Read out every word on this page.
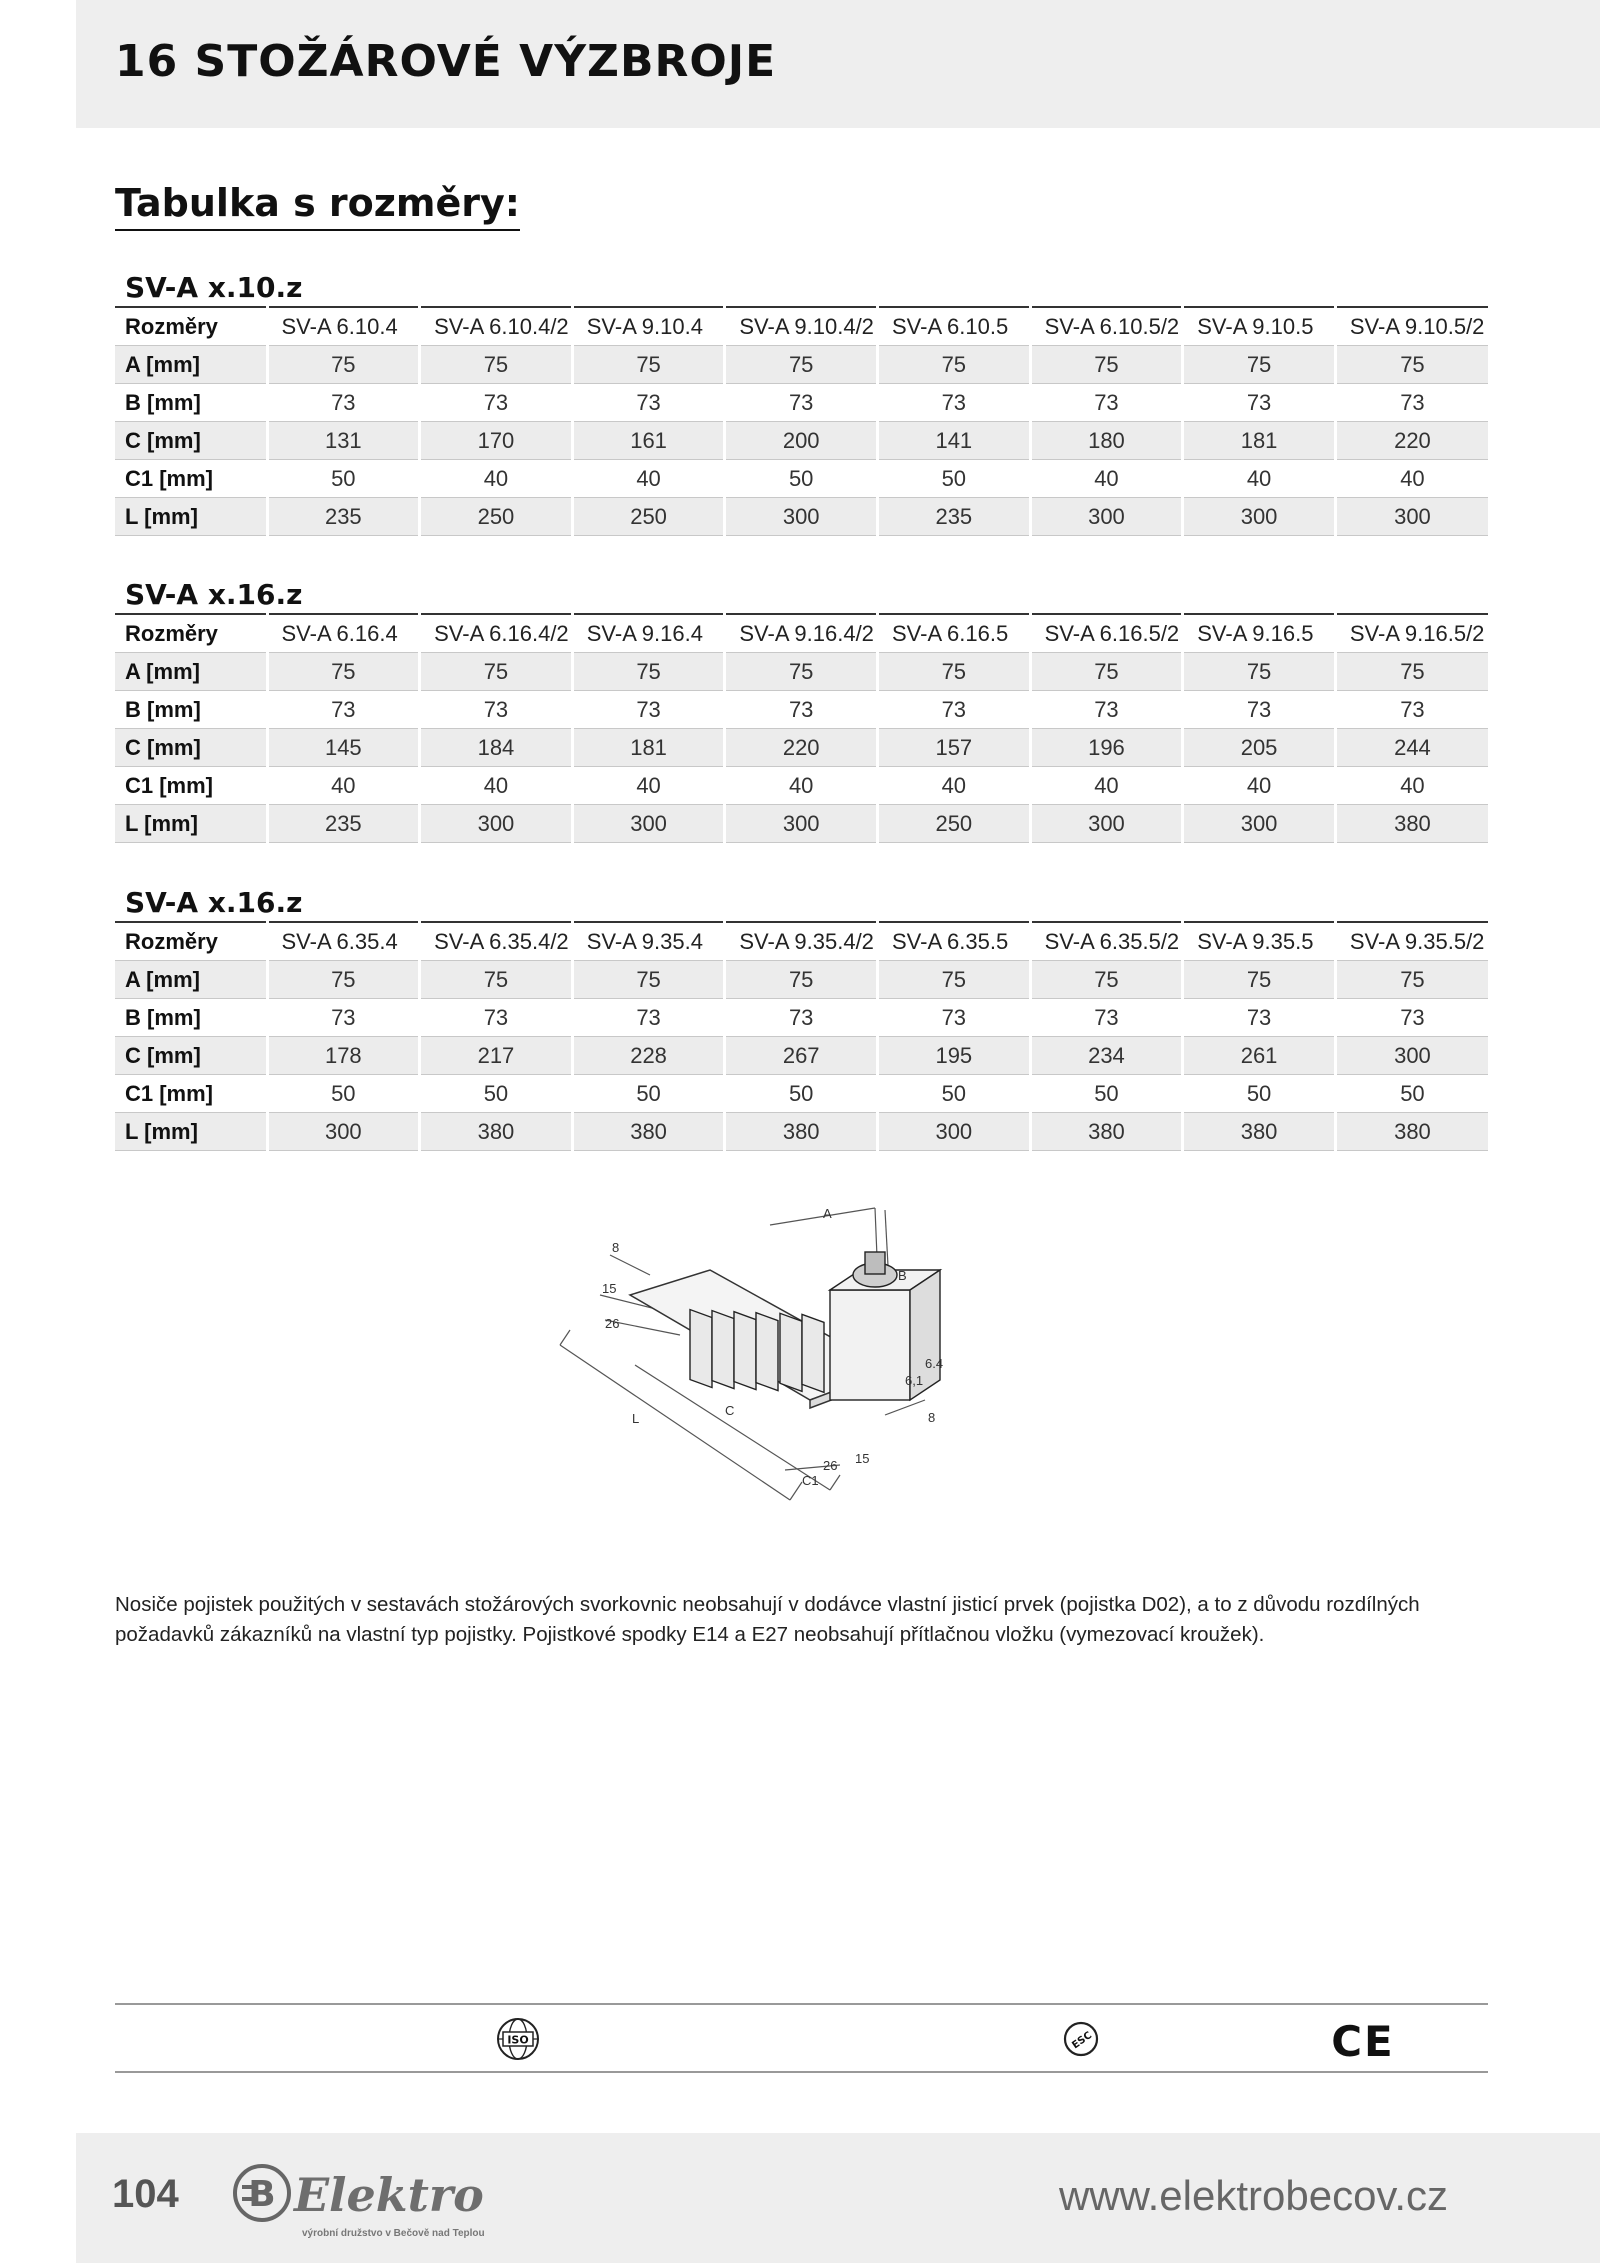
16 STOŽÁROVÉ VÝZBROJE
Tabulka s rozměry:
SV-A x.10.z
Rozměry	SV-A 6.10.4	SV-A 6.10.4/2	SV-A 9.10.4	SV-A 9.10.4/2	SV-A 6.10.5	SV-A 6.10.5/2	SV-A 9.10.5	SV-A 9.10.5/2
A [mm]	75	75	75	75	75	75	75	75
B [mm]	73	73	73	73	73	73	73	73
C [mm]	131	170	161	200	141	180	181	220
C1 [mm]	50	40	40	50	50	40	40	40
L [mm]	235	250	250	300	235	300	300	300
SV-A x.16.z
Rozměry	SV-A 6.16.4	SV-A 6.16.4/2	SV-A 9.16.4	SV-A 9.16.4/2	SV-A 6.16.5	SV-A 6.16.5/2	SV-A 9.16.5	SV-A 9.16.5/2
A [mm]	75	75	75	75	75	75	75	75
B [mm]	73	73	73	73	73	73	73	73
C [mm]	145	184	181	220	157	196	205	244
C1 [mm]	40	40	40	40	40	40	40	40
L [mm]	235	300	300	300	250	300	300	380
SV-A x.16.z
Rozměry	SV-A 6.35.4	SV-A 6.35.4/2	SV-A 9.35.4	SV-A 9.35.4/2	SV-A 6.35.5	SV-A 6.35.5/2	SV-A 9.35.5	SV-A 9.35.5/2
A [mm]	75	75	75	75	75	75	75	75
B [mm]	73	73	73	73	73	73	73	73
C [mm]	178	217	228	267	195	234	261	300
C1 [mm]	50	50	50	50	50	50	50	50
L [mm]	300	380	380	380	300	380	380	380
L
C
C1
26 15
A
B
8
15
26
6.4
6,1
8

Nosiče pojistek použitých v sestavách stožárových svorkovnic neobsahují v dodávce vlastní jisticí prvek (pojistka D02), a to z důvodu rozdílných požadavků zákazníků na vlastní typ pojistky. Pojistkové spodky E14 a E27 neobsahují přítlačnou vložku (vymezovací kroužek).

ISO	ESC	CE

104 B Elektro
výrobní družstvo v Bečově nad Teplou

www.elektrobecov.cz
